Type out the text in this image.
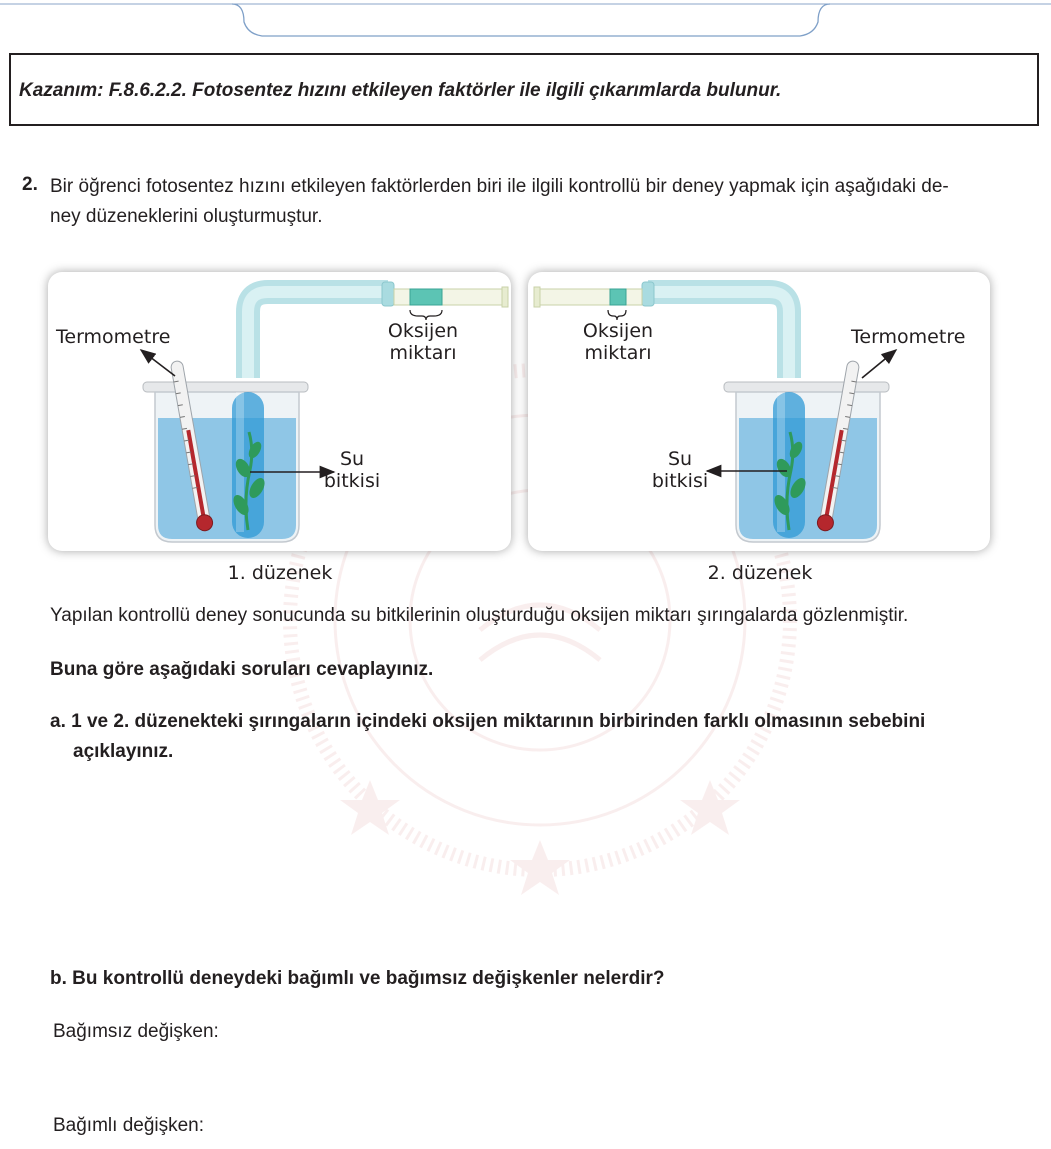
Kazanım: F.8.6.2.2. Fotosentez hızını etkileyen faktörler ile ilgili çıkarımlarda bulunur.
2. Bir öğrenci fotosentez hızını etkileyen faktörlerden biri ile ilgili kontrollü bir deney yapmak için aşağıdaki de-
ney düzeneklerini oluşturmuştur.
Termometre	Oksijen
miktarı
Su
bitkisi
1. düzenek
Termometre
Oksijen
miktarı
Su
bitkisi
2. düzenek
Yapılan kontrollü deney sonucunda su bitkilerinin oluşturduğu oksijen miktarı şırıngalarda gözlenmiştir.
Buna göre aşağıdaki soruları cevaplayınız.
a. 1 ve 2. düzenekteki şırıngaların içindeki oksijen miktarının birbirinden farklı olmasının sebebini
açıklayınız.
b. Bu kontrollü deneydeki bağımlı ve bağımsız değişkenler nelerdir?
Bağımsız değişken:
Bağımlı değişken:
